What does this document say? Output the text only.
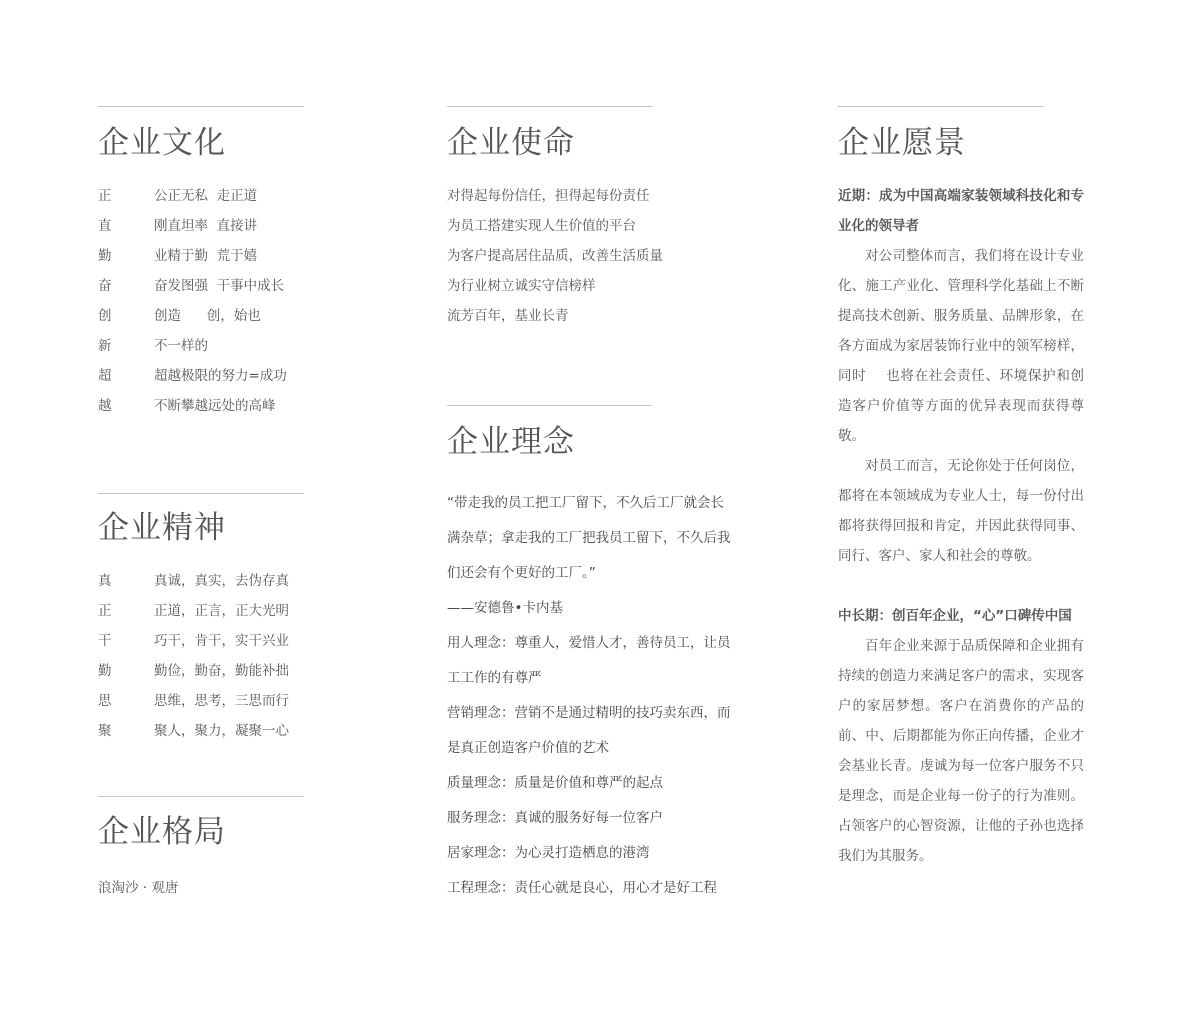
企业文化
正	公正无私  走正道
直	刚直坦率  直接讲
勤	业精于勤  荒于嬉
奋	奋发图强  干事中成长
创	创造      创，始也
新	不一样的
超	超越极限的努力=成功
越	不断攀越远处的高峰
企业精神
真	真诚，真实，去伪存真
正	正道，正言，正大光明
干	巧干，肯干，实干兴业
勤	勤俭，勤奋，勤能补拙
思	思维，思考，三思而行
聚	聚人，聚力，凝聚一心
企业格局
浪淘沙 · 观唐
企业使命
对得起每份信任，担得起每份责任
为员工搭建实现人生价值的平台
为客户提高居住品质，改善生活质量
为行业树立诚实守信榜样
流芳百年，基业长青
企业理念

“带走我的员工把工厂留下，不久后工厂就会长满杂草；拿走我的工厂把我员工留下，不久后我们还会有个更好的工厂。”

——安德鲁•卡内基

用人理念：尊重人，爱惜人才，善待员工，让员工工作的有尊严

营销理念：营销不是通过精明的技巧卖东西，而是真正创造客户价值的艺术

质量理念：质量是价值和尊严的起点

服务理念：真诚的服务好每一位客户

居家理念：为心灵打造栖息的港湾

工程理念：责任心就是良心，用心才是好工程

企业愿景

近期：成为中国高端家装领域科技化和专业化的领导者

对公司整体而言，我们将在设计专业化、施工产业化、管理科学化基础上不断提高技术创新、服务质量、品牌形象，在各方面成为家居装饰行业中的领军榜样，同时    也将在社会责任、环境保护和创造客户价值等方面的优异表现而获得尊敬。

对员工而言，无论你处于任何岗位，都将在本领域成为专业人士，每一份付出都将获得回报和肯定，并因此获得同事、同行、客户、家人和社会的尊敬。

中长期：创百年企业，“心”口碑传中国

百年企业来源于品质保障和企业拥有持续的创造力来满足客户的需求，实现客户的家居梦想。客户在消费你的产品的前、中、后期都能为你正向传播，企业才会基业长青。虔诚为每一位客户服务不只是理念，而是企业每一份子的行为准则。占领客户的心智资源，让他的子孙也选择我们为其服务。
